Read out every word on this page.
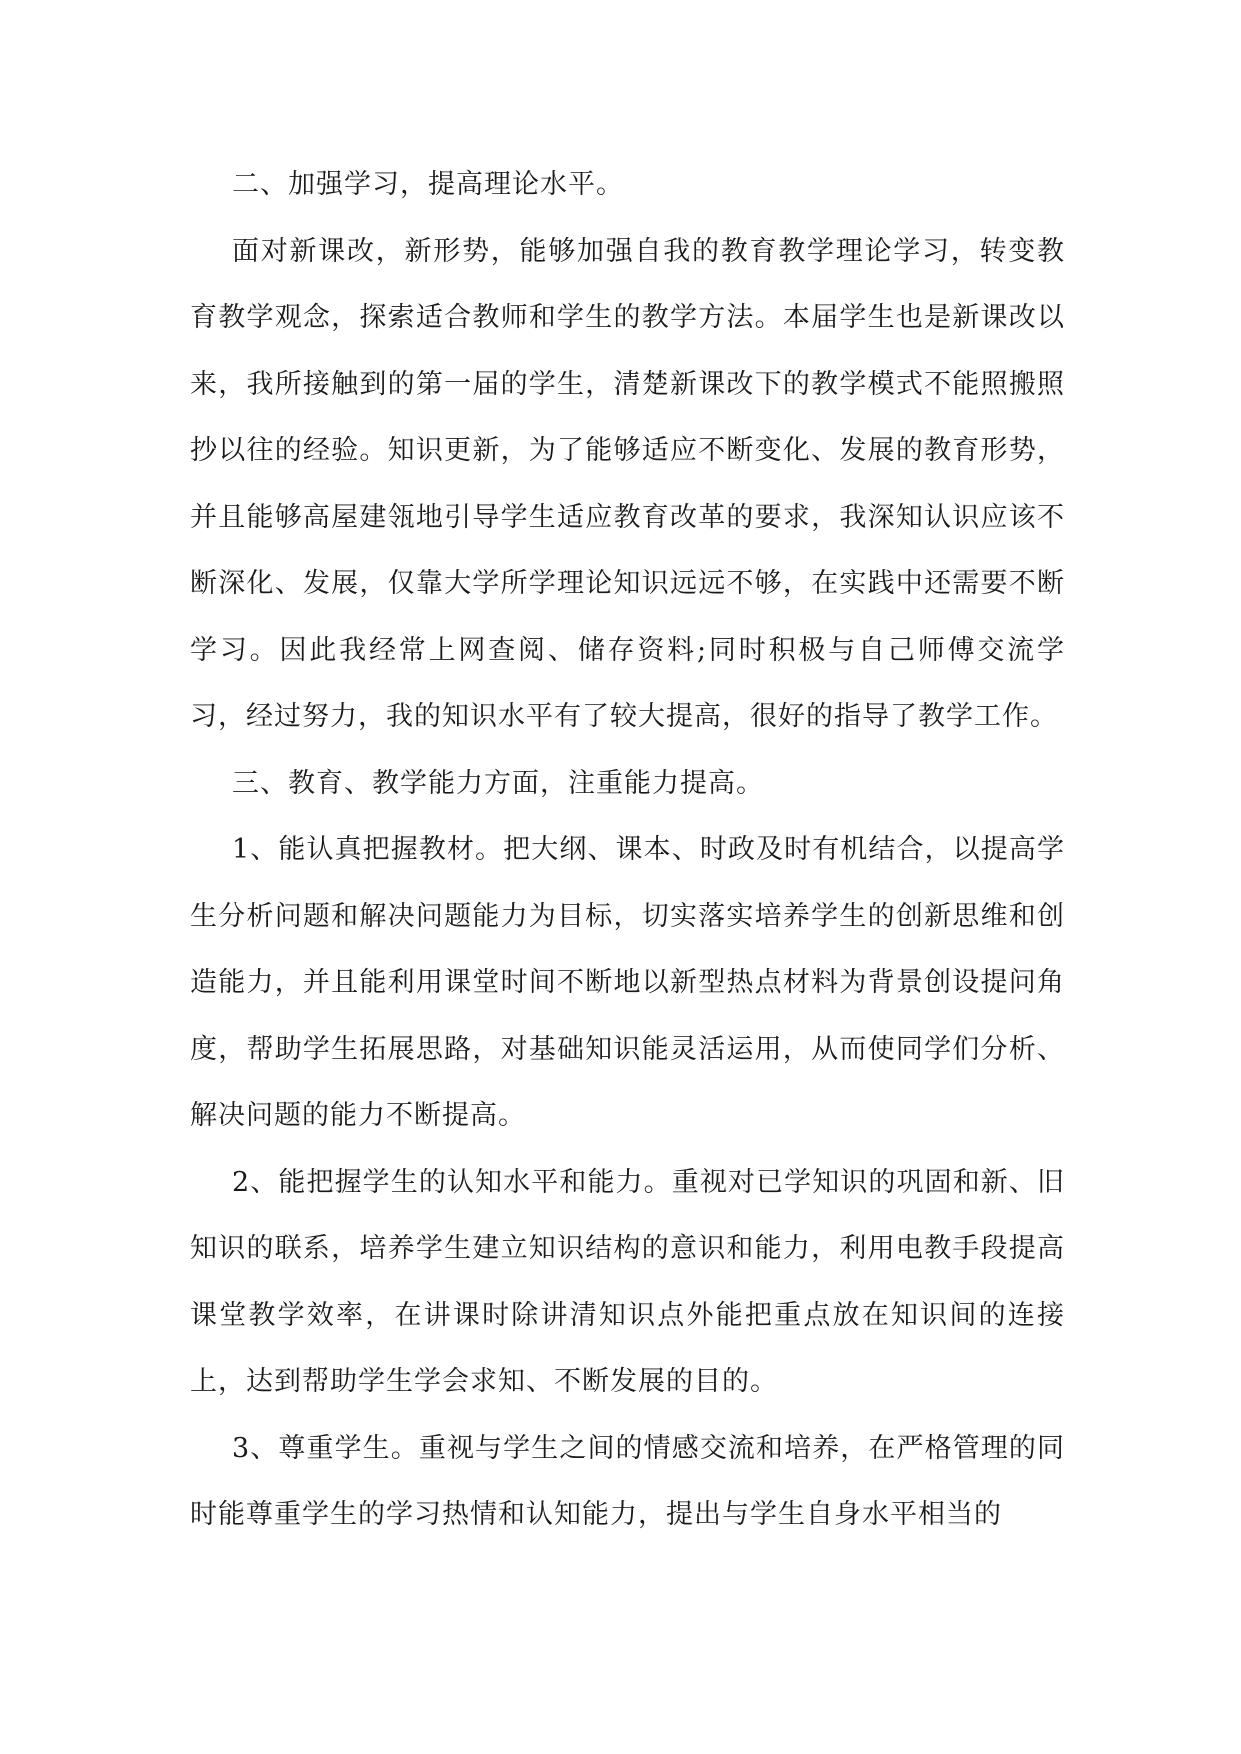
二、加强学习，提高理论水平。

面对新课改，新形势，能够加强自我的教育教学理论学习，转变教育教学观念，探索适合教师和学生的教学方法。本届学生也是新课改以来，我所接触到的第一届的学生，清楚新课改下的教学模式不能照搬照抄以往的经验。知识更新，为了能够适应不断变化、发展的教育形势，并且能够高屋建瓴地引导学生适应教育改革的要求，我深知认识应该不断深化、发展，仅靠大学所学理论知识远远不够，在实践中还需要不断学习。因此我经常上网查阅、储存资料;同时积极与自己师傅交流学习，经过努力，我的知识水平有了较大提高，很好的指导了教学工作。

三、教育、教学能力方面，注重能力提高。

1、能认真把握教材。把大纲、课本、时政及时有机结合，以提高学生分析问题和解决问题能力为目标，切实落实培养学生的创新思维和创造能力，并且能利用课堂时间不断地以新型热点材料为背景创设提问角度，帮助学生拓展思路，对基础知识能灵活运用，从而使同学们分析、解决问题的能力不断提高。

2、能把握学生的认知水平和能力。重视对已学知识的巩固和新、旧知识的联系，培养学生建立知识结构的意识和能力，利用电教手段提高课堂教学效率，在讲课时除讲清知识点外能把重点放在知识间的连接上，达到帮助学生学会求知、不断发展的目的。

3、尊重学生。重视与学生之间的情感交流和培养，在严格管理的同时能尊重学生的学习热情和认知能力，提出与学生自身水平相当的
